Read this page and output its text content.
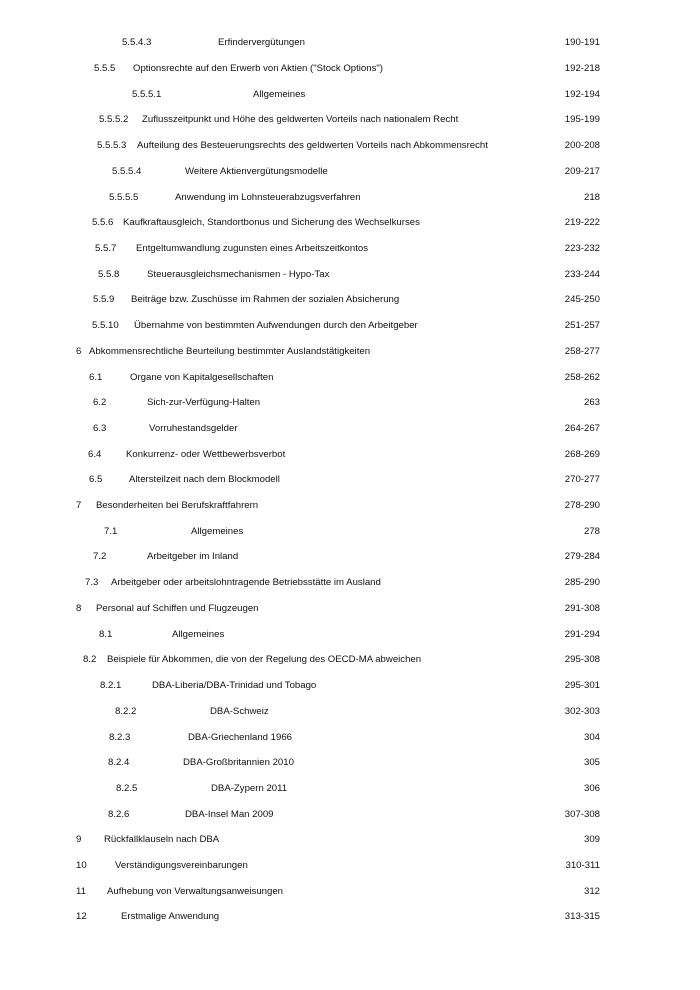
5.5.4.3	Erfindervergütungen	190-191
5.5.5 Optionsrechte auf den Erwerb von Aktien ("Stock Options")	192-218
5.5.5.1	Allgemeines	192-194
5.5.5.2 Zuflusszeitpunkt und Höhe des geldwerten Vorteils nach nationalem Recht	195-199
5.5.5.3 Aufteilung des Besteuerungsrechts des geldwerten Vorteils nach Abkommensrecht	200-208
5.5.5.4	Weitere Aktienvergütungsmodelle	209-217
5.5.5.5	Anwendung im Lohnsteuerabzugsverfahren	218
5.5.6 Kaufkraftausgleich, Standortbonus und Sicherung des Wechselkurses	219-222
5.5.7 Entgeltumwandlung zugunsten eines Arbeitszeitkontos	223-232
5.5.8	Steuerausgleichsmechanismen - Hypo-Tax	233-244
5.5.9 Beiträge bzw. Zuschüsse im Rahmen der sozialen Absicherung	245-250
5.5.10 Übernahme von bestimmten Aufwendungen durch den Arbeitgeber	251-257
6 Abkommensrechtliche Beurteilung bestimmter Auslandstätigkeiten	258-277
6.1	Organe von Kapitalgesellschaften	258-262
6.2	Sich-zur-Verfügung-Halten	263
6.3	Vorruhestandsgelder	264-267
6.4	Konkurrenz- oder Wettbewerbsverbot	268-269
6.5	Altersteilzeit nach dem Blockmodell	270-277
7 Besonderheiten bei Berufskraftfahrern	278-290
7.1	Allgemeines	278
7.2	Arbeitgeber im Inland	279-284
7.3 Arbeitgeber oder arbeitslohntragende Betriebsstätte im Ausland	285-290
8 Personal auf Schiffen und Flugzeugen	291-308
8.1	Allgemeines	291-294
8.2 Beispiele für Abkommen, die von der Regelung des OECD-MA abweichen	295-308
8.2.1	DBA-Liberia/DBA-Trinidad und Tobago	295-301
8.2.2	DBA-Schweiz	302-303
8.2.3	DBA-Griechenland 1966	304
8.2.4	DBA-Großbritannien 2010	305
8.2.5	DBA-Zypern 2011	306
8.2.6	DBA-Insel Man 2009	307-308
9 Rückfallklauseln nach DBA	309
10	Verständigungsvereinbarungen	310-311
11 Aufhebung von Verwaltungsanweisungen	312
12	Erstmalige Anwendung	313-315
